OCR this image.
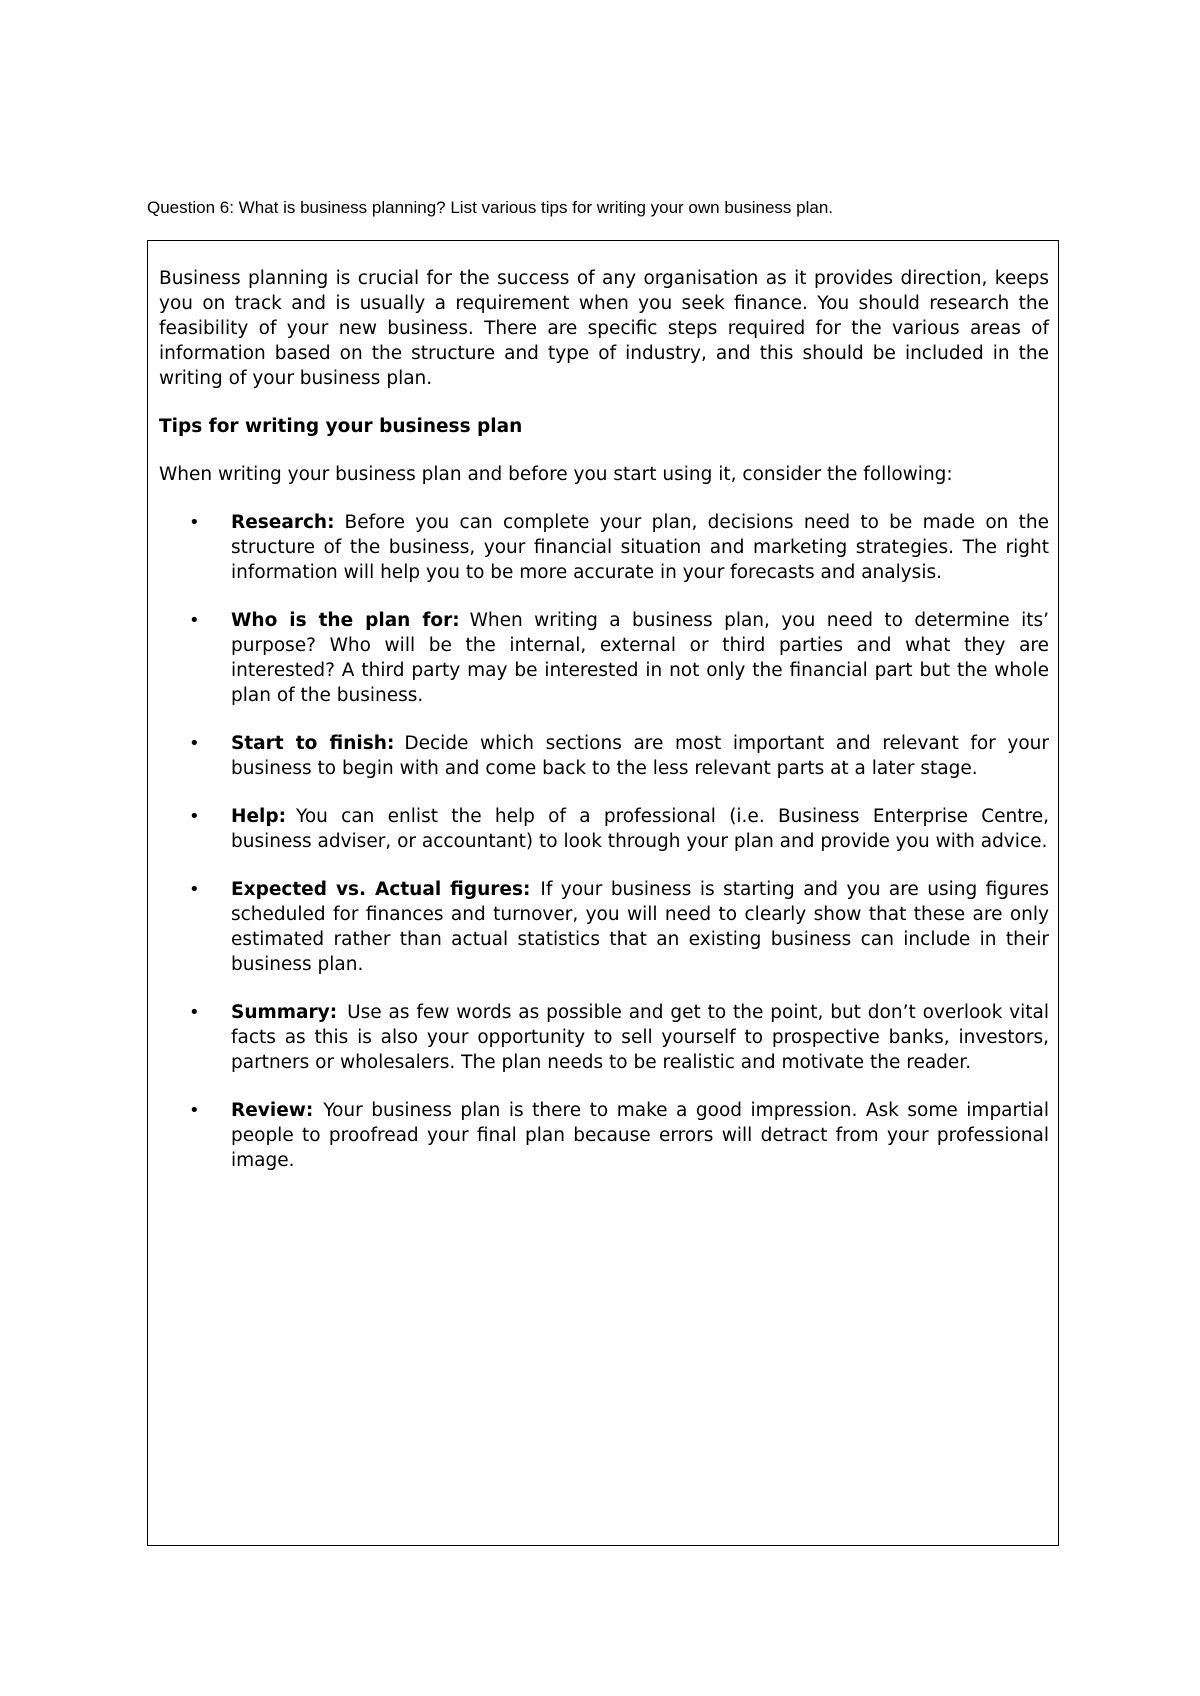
Question 6: What is business planning? List various tips for writing your own business plan.

Business planning is crucial for the success of any organisation as it provides direction, keeps you on track and is usually a requirement when you seek finance. You should research the feasibility of your new business. There are specific steps required for the various areas of information based on the structure and type of industry, and this should be included in the writing of your business plan.

Tips for writing your business plan

When writing your business plan and before you start using it, consider the following:

• Research: Before you can complete your plan, decisions need to be made on the structure of the business, your financial situation and marketing strategies. The right information will help you to be more accurate in your forecasts and analysis.
• Who is the plan for: When writing a business plan, you need to determine its’ purpose? Who will be the internal, external or third parties and what they are interested? A third party may be interested in not only the financial part but the whole plan of the business.
• Start to finish: Decide which sections are most important and relevant for your business to begin with and come back to the less relevant parts at a later stage.
• Help: You can enlist the help of a professional (i.e. Business Enterprise Centre, business adviser, or accountant) to look through your plan and provide you with advice.
• Expected vs. Actual figures: If your business is starting and you are using figures scheduled for finances and turnover, you will need to clearly show that these are only estimated rather than actual statistics that an existing business can include in their business plan.
• Summary: Use as few words as possible and get to the point, but don’t overlook vital facts as this is also your opportunity to sell yourself to prospective banks, investors, partners or wholesalers. The plan needs to be realistic and motivate the reader.
• Review: Your business plan is there to make a good impression. Ask some impartial people to proofread your final plan because errors will detract from your professional image.
